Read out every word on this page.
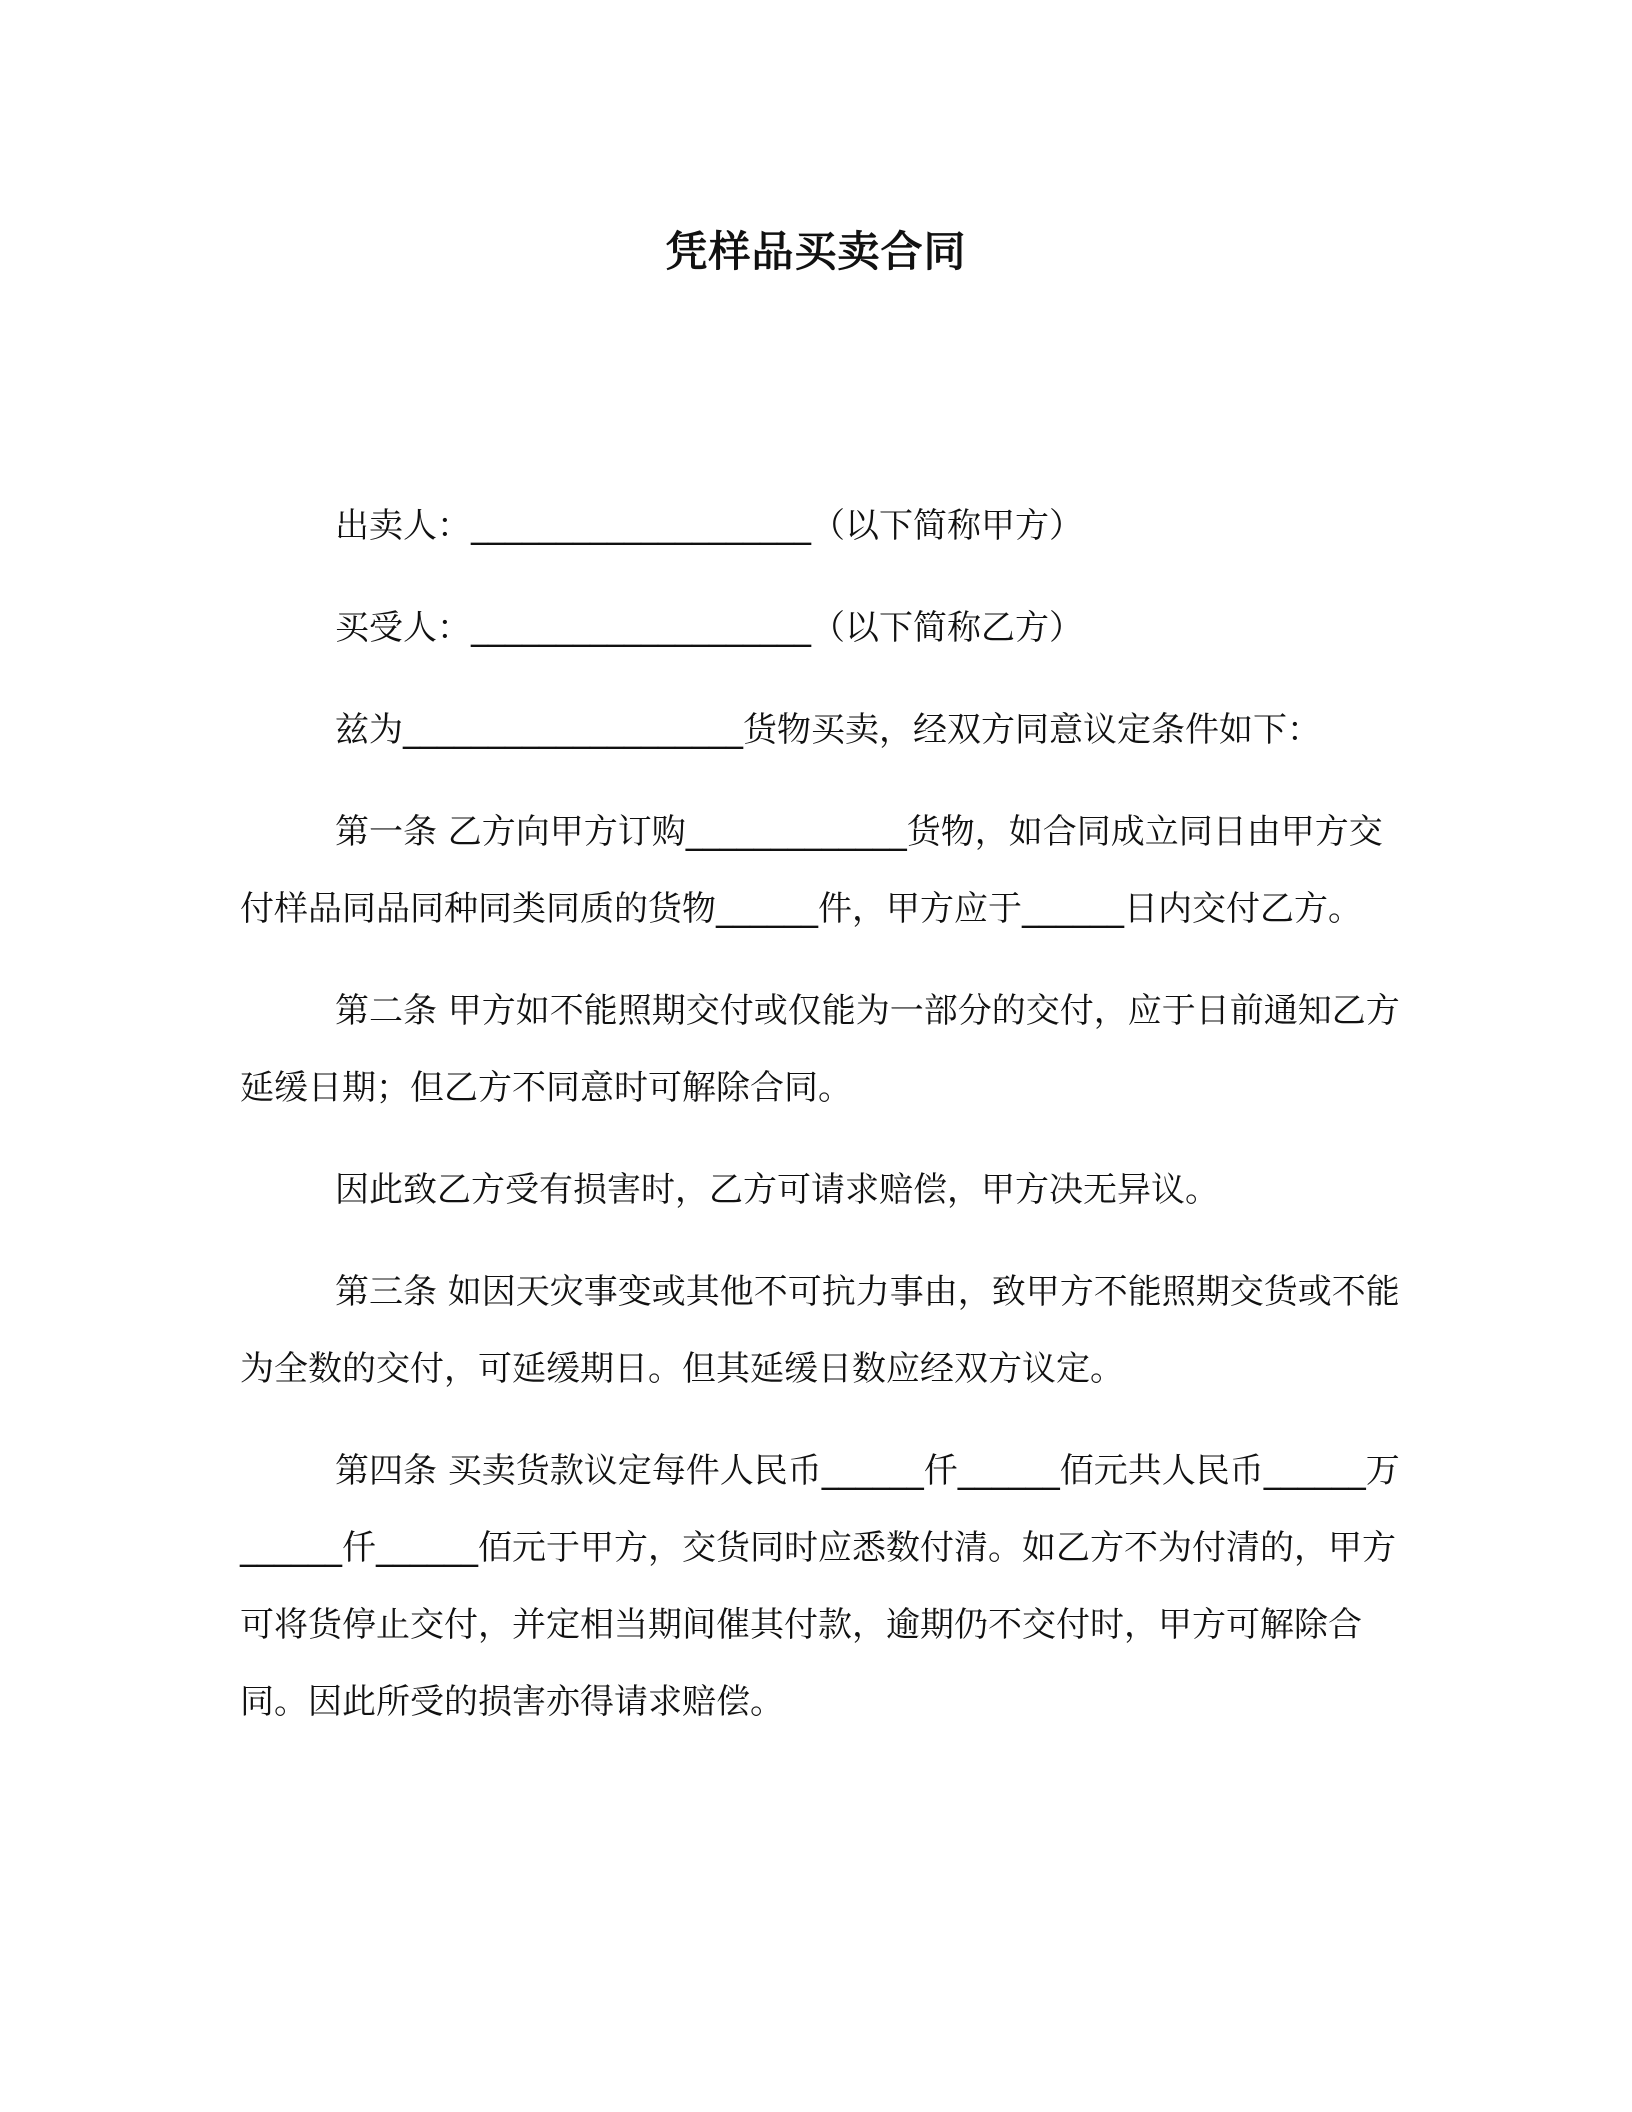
凭样品买卖合同

出卖人：____________________（以下简称甲方）

买受人：____________________（以下简称乙方）

兹为____________________货物买卖，经双方同意议定条件如下：

第一条 乙方向甲方订购_____________货物，如合同成立同日由甲方交付样品同品同种同类同质的货物______件，甲方应于______日内交付乙方。

第二条 甲方如不能照期交付或仅能为一部分的交付，应于日前通知乙方延缓日期；但乙方不同意时可解除合同。

因此致乙方受有损害时，乙方可请求赔偿，甲方决无异议。

第三条 如因天灾事变或其他不可抗力事由，致甲方不能照期交货或不能为全数的交付，可延缓期日。但其延缓日数应经双方议定。

第四条 买卖货款议定每件人民币______仟______佰元共人民币______万______仟______佰元于甲方，交货同时应悉数付清。如乙方不为付清的，甲方可将货停止交付，并定相当期间催其付款，逾期仍不交付时，甲方可解除合同。因此所受的损害亦得请求赔偿。
